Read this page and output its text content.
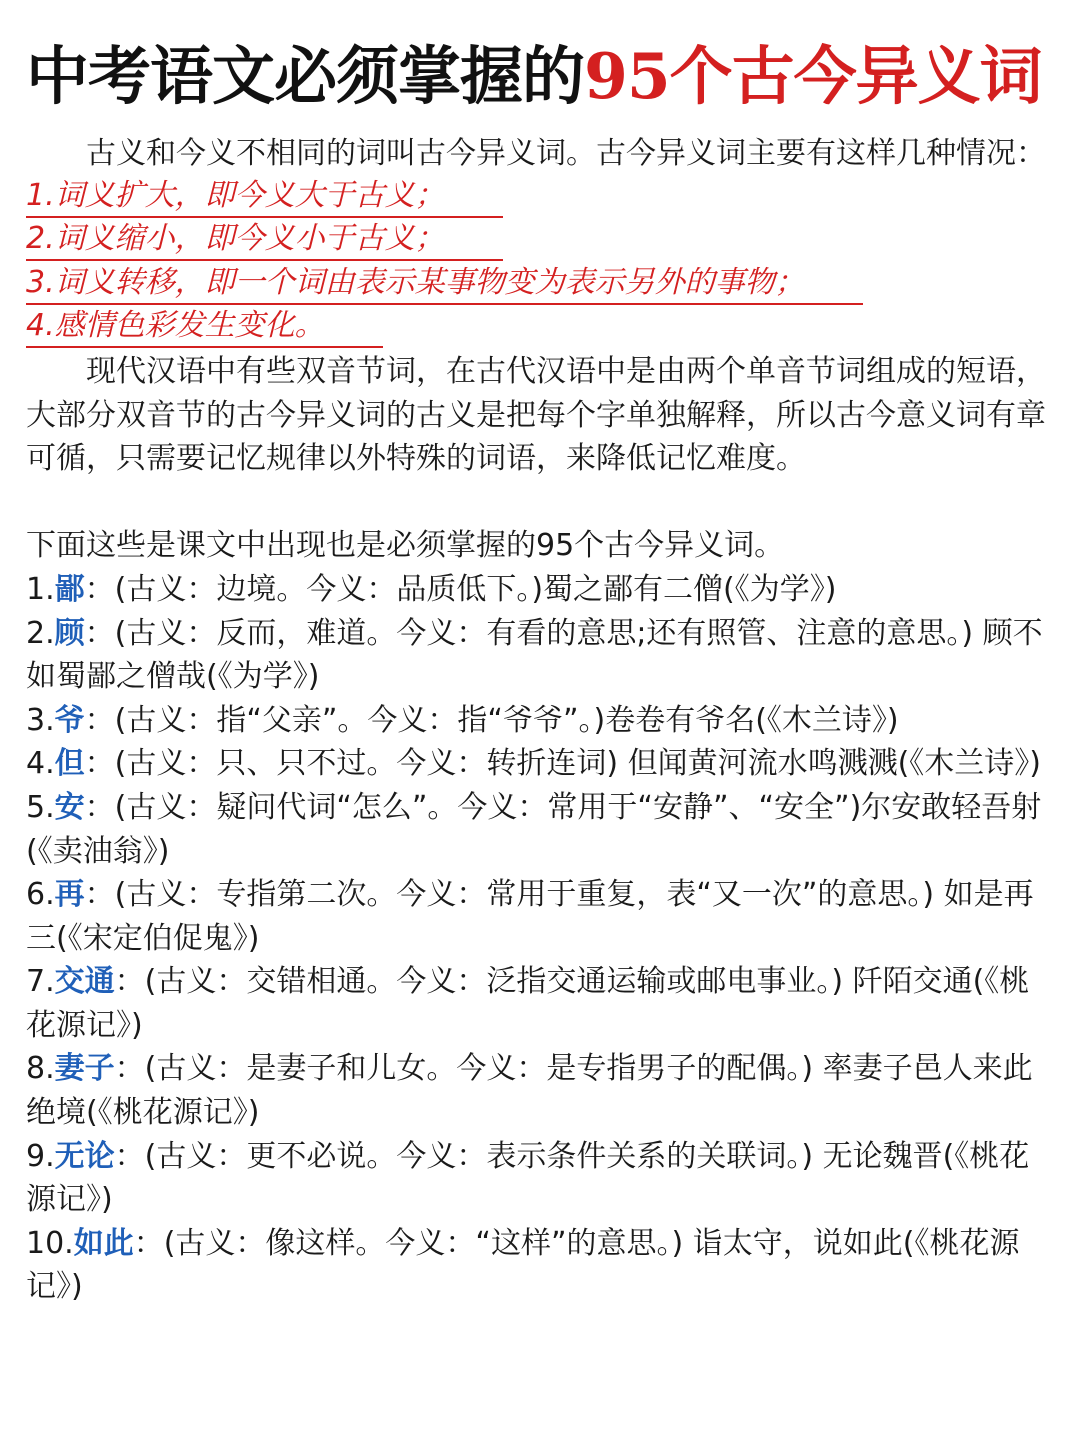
中考语文必须掌握的95个古今异义词

古义和今义不相同的词叫古今异义词。古今异义词主要有这样几种情况：

1.词义扩大，即今义大于古义；
2.词义缩小，即今义小于古义；
3.词义转移，即一个词由表示某事物变为表示另外的事物；
4.感情色彩发生变化。

现代汉语中有些双音节词，在古代汉语中是由两个单音节词组成的短语，大部分双音节的古今异义词的古义是把每个字单独解释，所以古今意义词有章可循，只需要记忆规律以外特殊的词语，来降低记忆难度。

下面这些是课文中出现也是必须掌握的95个古今异义词。

1.鄙：(古义：边境。今义：品质低下。)蜀之鄙有二僧(《为学》)
2.顾：(古义：反而，难道。今义：有看的意思;还有照管、注意的意思。) 顾不如蜀鄙之僧哉(《为学》)
3.爷：(古义：指“父亲”。今义：指“爷爷”。)卷卷有爷名(《木兰诗》)
4.但：(古义：只、只不过。今义：转折连词) 但闻黄河流水鸣溅溅(《木兰诗》)
5.安：(古义：疑问代词“怎么”。今义：常用于“安静”、“安全”)尔安敢轻吾射(《卖油翁》)
6.再：(古义：专指第二次。今义：常用于重复，表“又一次”的意思。) 如是再三(《宋定伯促鬼》)
7.交通：(古义：交错相通。今义：泛指交通运输或邮电事业。) 阡陌交通(《桃花源记》)
8.妻子：(古义：是妻子和儿女。今义：是专指男子的配偶。) 率妻子邑人来此绝境(《桃花源记》)
9.无论：(古义：更不必说。今义：表示条件关系的关联词。) 无论魏晋(《桃花源记》)
10.如此：(古义：像这样。今义：“这样”的意思。) 诣太守，说如此(《桃花源记》)
